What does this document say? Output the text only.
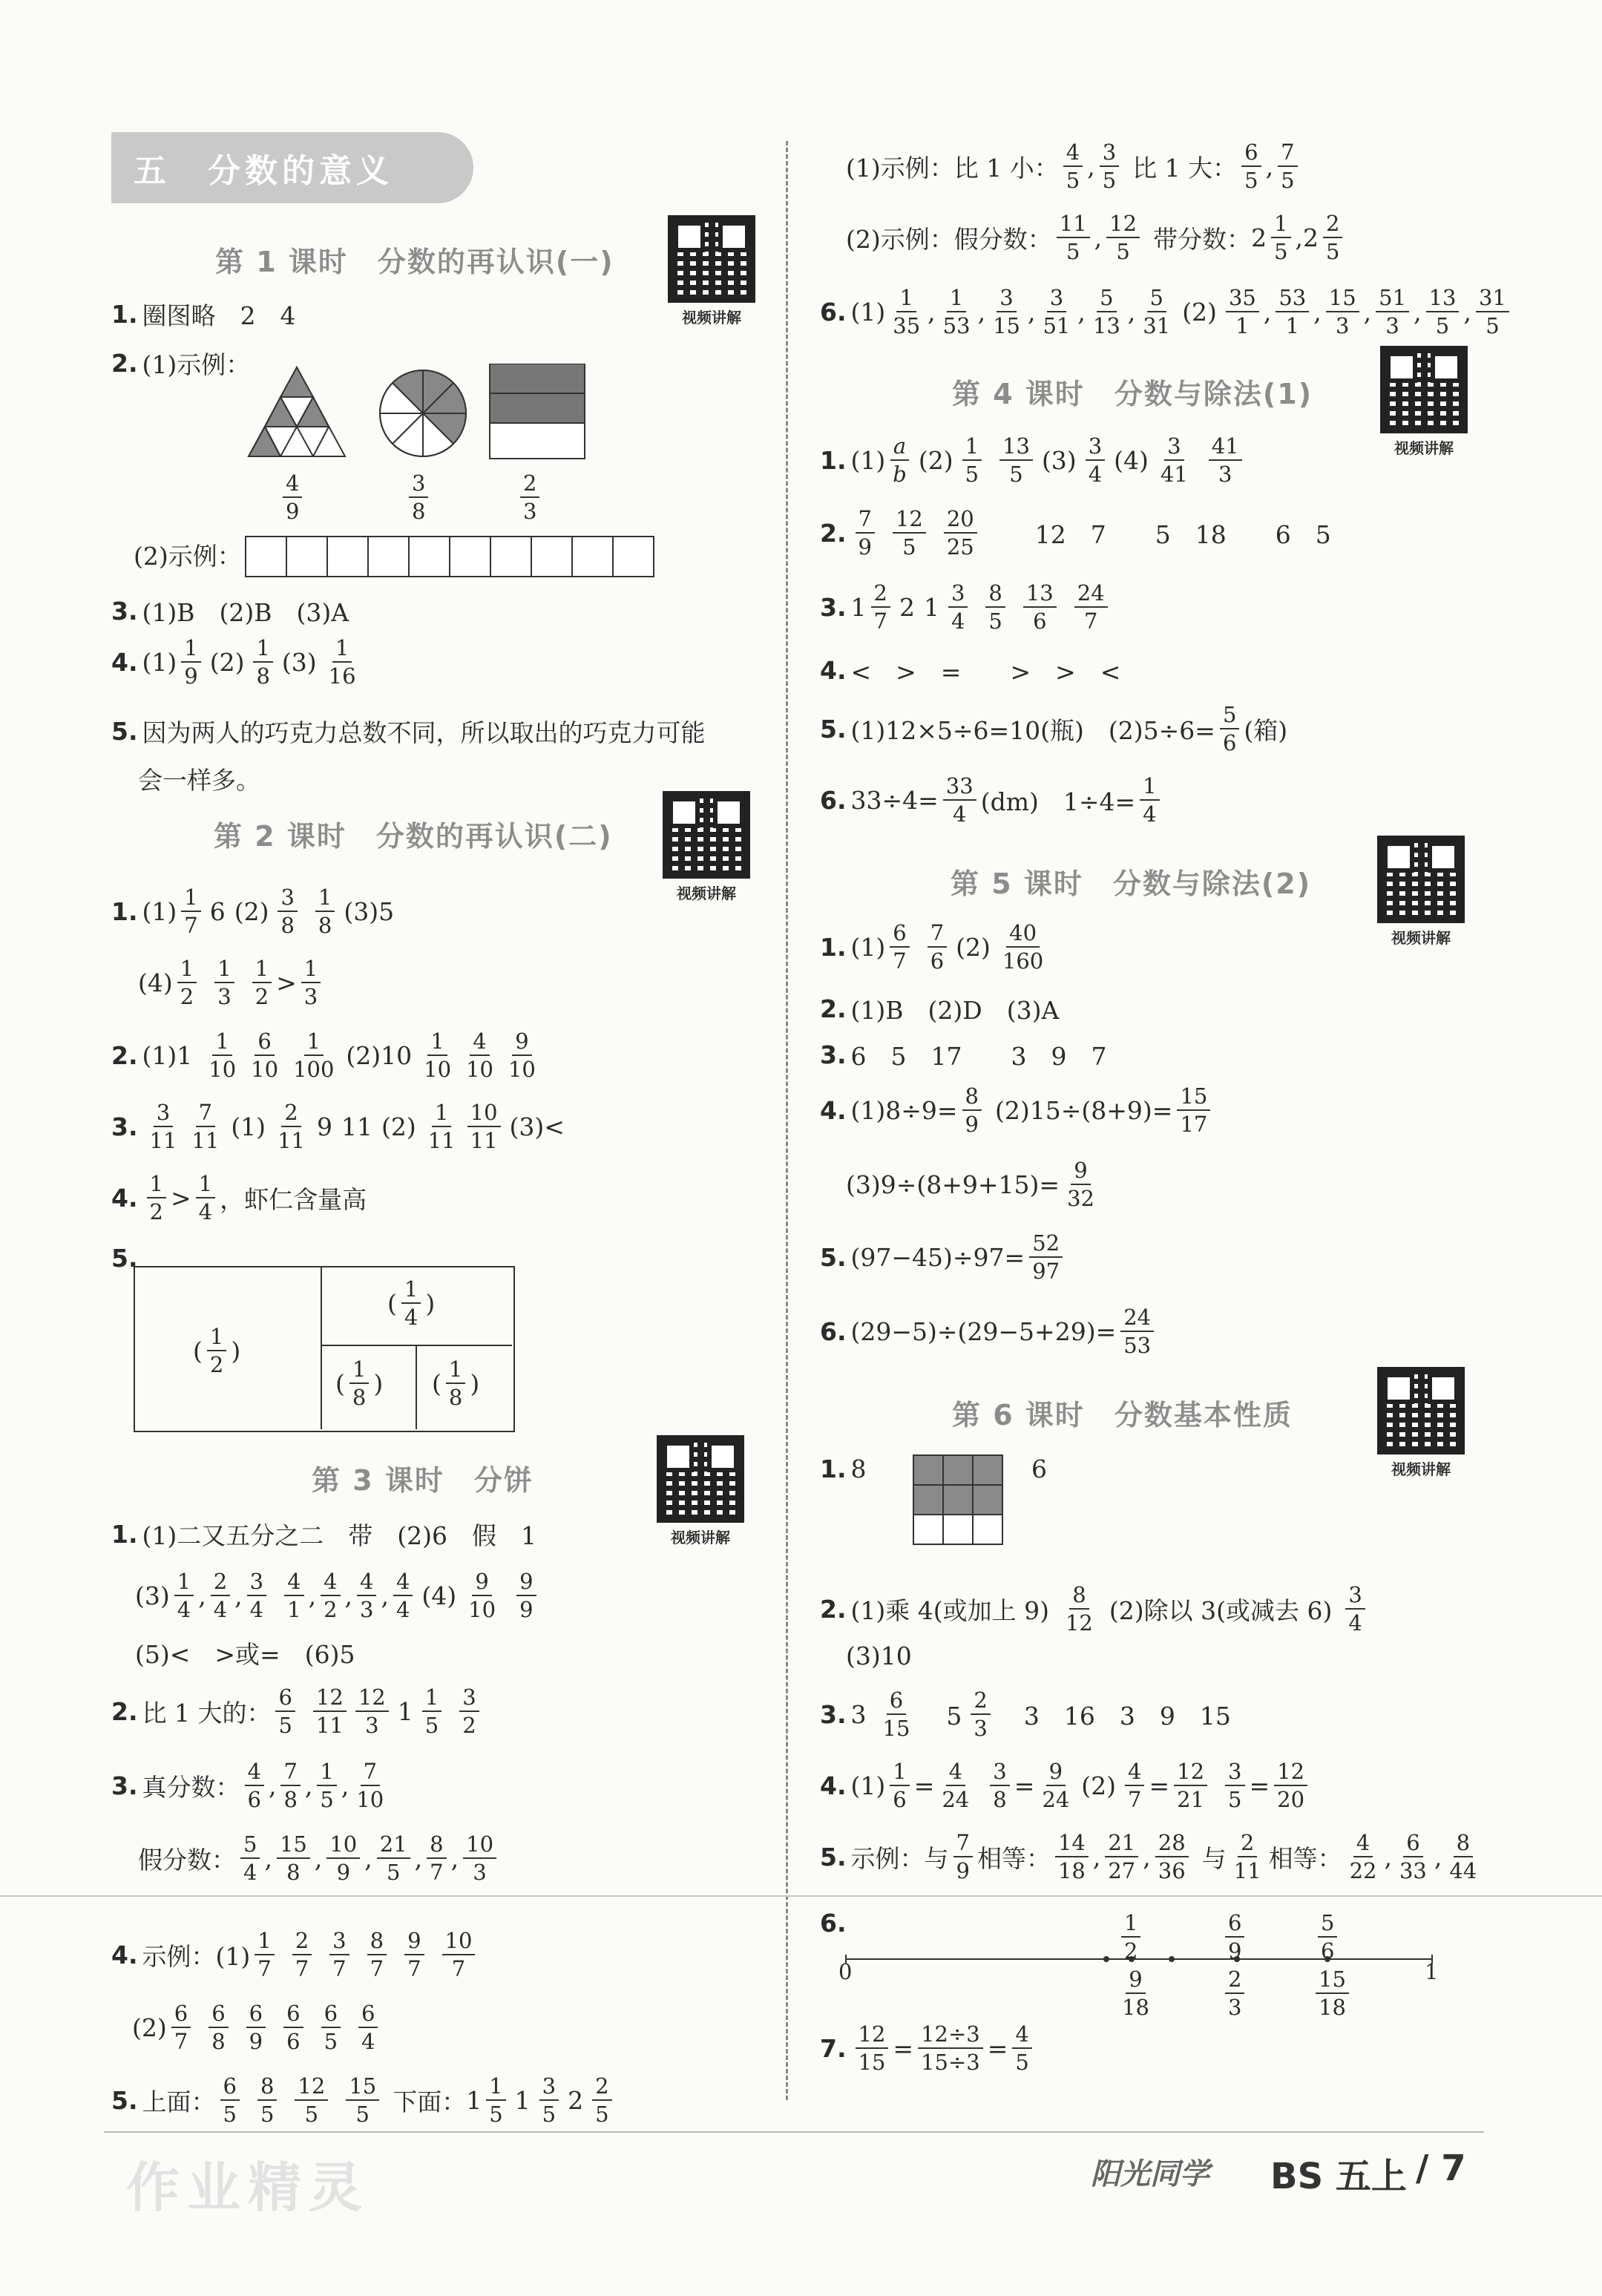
五　分数的意义
第 1 课时　分数的再认识(一)
视频讲解
1. 圈图略　2　4
2. (1)示例：
4
9
3
8
2
3
(2)示例：
3. (1)B　(2)B　(3)A
4. (1) 1
9 (2) 1
8 (3) 1
16
5. 因为两人的巧克力总数不同，所以取出的巧克力可能
会一样多。
第 2 课时　分数的再认识(二)
视频讲解
1. (1) 1
7 6 (2) 3
8
1
8 (3)5
(4) 1
2
1
3
1
2 > 1
3
2. (1)1 1
10
6
10
1
100 (2)10 1
10
4
10
9
10
3. 3
11
7
11 (1) 2
11 9 11 (2) 1
11
10
11 (3)<
4. 1
2 > 1
4 ，虾仁含量高
5.
( 1
2 )
( 1
4 )
( 1
8 ) ( 1
8 )
第 3 课时　分饼
视频讲解
1. (1)二又五分之二　带　(2)6　假　1
(3) 1
4 , 2
4 , 3
4
4
1 , 4
2 , 4
3 , 4
4 (4) 9
10
9
9
(5)<　>或=　(6)5
2. 比 1 大的：
6
5
12
11
12
3 1 1
5
3
2
3. 真分数：
4
6 , 7
8 , 1
5 , 7
10
假分数：
5
4 , 15
8 , 10
9 , 21
5 , 8
7 , 10
3
4. 示例：(1)
1
7
2
7
3
7
8
7
9
7
10
7
(2) 6
7
6
8
6
9
6
6
6
5
6
4
5. 上面：
6
5
8
5
12
5
15
5 下面： 1 1
5 1 3
5 2 2
5
(1)示例：比 1 小：
4
5 , 3
5 比 1 大：
6
5 , 7
5
(2)示例：假分数：
11
5 , 12
5 带分数： 2 1
5 ,2 2
5
6. (1) 1
35 , 1
53 , 3
15 , 3
51 , 5
13 , 5
31 (2) 35
1 , 53
1 , 15
3 , 51
3 , 13
5 , 31
5
第 4 课时　分数与除法(1)
视频讲解
1. (1) a
b (2) 1
5
13
5 (3) 3
4 (4) 3
41
41
3
2. 7
9
12
5
20
25 　　12　7　　5　18　　6　5
3. 1 2
7 2 1 3
4
8
5
13
6
24
7
4. <　>　=　　>　>　<
5. (1)12×5÷6=10(瓶)　$(2)5\div 6= \frac{5}{6}$ (箱)
6. $33\div 4= \frac{33}{4} (dm)$　$1\div 4= \frac{1}{4}$
第 5 课时　分数与除法(2)
视频讲解
1. (1) 6
7
7
6 (2) 40
160
2. (1)B　(2)D　(3)A
3. 6　5　17　　3　9　7
4. $(1)8\div 9= \frac{8}{9} (2)15\div(8+9)= \frac{15}{17}$
$(3)9\div(8+9+15)= \frac{9}{32}$
5. $(97-45)\div 97= \frac{52}{97}$
6. $(29-5)\div(29-5+29)= \frac{24}{53}$
第 6 课时　分数基本性质
视频讲解
1. 8	6
2. (1)乘 4(或加上 9)
8
12 (2)除以 3(或减去 6)
3
4
(3)10
3. 3 6
15 　5
2
3 　3　16　3　9　15
4. (1) 1
6 = 4
24
3
8 = 9
24 (2) 4
7 = 12
21
3
5 = 12
20
5. 示例：与
7
9 相等：
14
18 , 21
27 , 28
36 与
2
11 相等：
4
22 , 6
33 , 8
44
6.
0	1
1
2
6
9
5
6
9
18
2
3
15
18
7. 12
15 = 12÷3
15÷3 = 4
5
作业精灵	阳光同学 BS 五上 / 7
